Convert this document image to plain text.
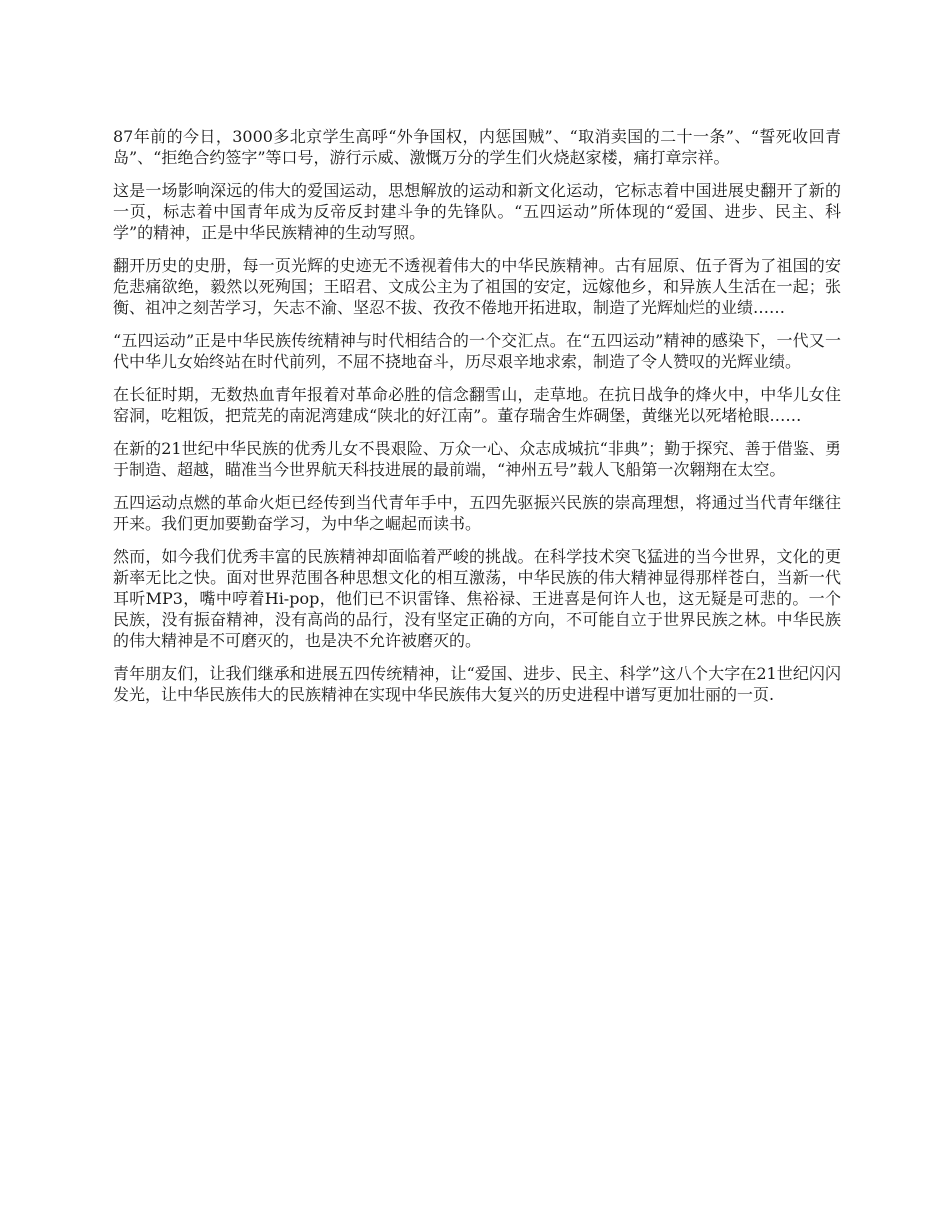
87年前的今日，3000多北京学生高呼“外争国权，内惩国贼”、“取消卖国的二十一条”、“誓死收回青岛”、“拒绝合约签字”等口号，游行示威、激慨万分的学生们火烧赵家楼，痛打章宗祥。

这是一场影响深远的伟大的爱国运动，思想解放的运动和新文化运动，它标志着中国进展史翻开了新的一页，标志着中国青年成为反帝反封建斗争的先锋队。“五四运动”所体现的“爱国、进步、民主、科学”的精神，正是中华民族精神的生动写照。

翻开历史的史册，每一页光辉的史迹无不透视着伟大的中华民族精神。古有屈原、伍子胥为了祖国的安危悲痛欲绝，毅然以死殉国；王昭君、文成公主为了祖国的安定，远嫁他乡，和异族人生活在一起；张衡、祖冲之刻苦学习，矢志不渝、坚忍不拔、孜孜不倦地开拓进取，制造了光辉灿烂的业绩……

“五四运动”正是中华民族传统精神与时代相结合的一个交汇点。在“五四运动”精神的感染下，一代又一代中华儿女始终站在时代前列，不屈不挠地奋斗，历尽艰辛地求索，制造了令人赞叹的光辉业绩。

在长征时期，无数热血青年报着对革命必胜的信念翻雪山，走草地。在抗日战争的烽火中，中华儿女住窑洞，吃粗饭，把荒芜的南泥湾建成“陕北的好江南”。董存瑞舍生炸碉堡，黄继光以死堵枪眼……

在新的21世纪中华民族的优秀儿女不畏艰险、万众一心、众志成城抗“非典”；勤于探究、善于借鉴、勇于制造、超越，瞄准当今世界航天科技进展的最前端，“神州五号”载人飞船第一次翱翔在太空。

五四运动点燃的革命火炬已经传到当代青年手中，五四先驱振兴民族的崇高理想，将通过当代青年继往开来。我们更加要勤奋学习，为中华之崛起而读书。

然而，如今我们优秀丰富的民族精神却面临着严峻的挑战。在科学技术突飞猛进的当今世界，文化的更新率无比之快。面对世界范围各种思想文化的相互激荡，中华民族的伟大精神显得那样苍白，当新一代耳听MP3，嘴中哼着Hi-pop，他们已不识雷锋、焦裕禄、王进喜是何许人也，这无疑是可悲的。一个民族，没有振奋精神，没有高尚的品行，没有坚定正确的方向，不可能自立于世界民族之林。中华民族的伟大精神是不可磨灭的，也是决不允许被磨灭的。

青年朋友们，让我们继承和进展五四传统精神，让“爱国、进步、民主、科学”这八个大字在21世纪闪闪发光，让中华民族伟大的民族精神在实现中华民族伟大复兴的历史进程中谱写更加壮丽的一页.
